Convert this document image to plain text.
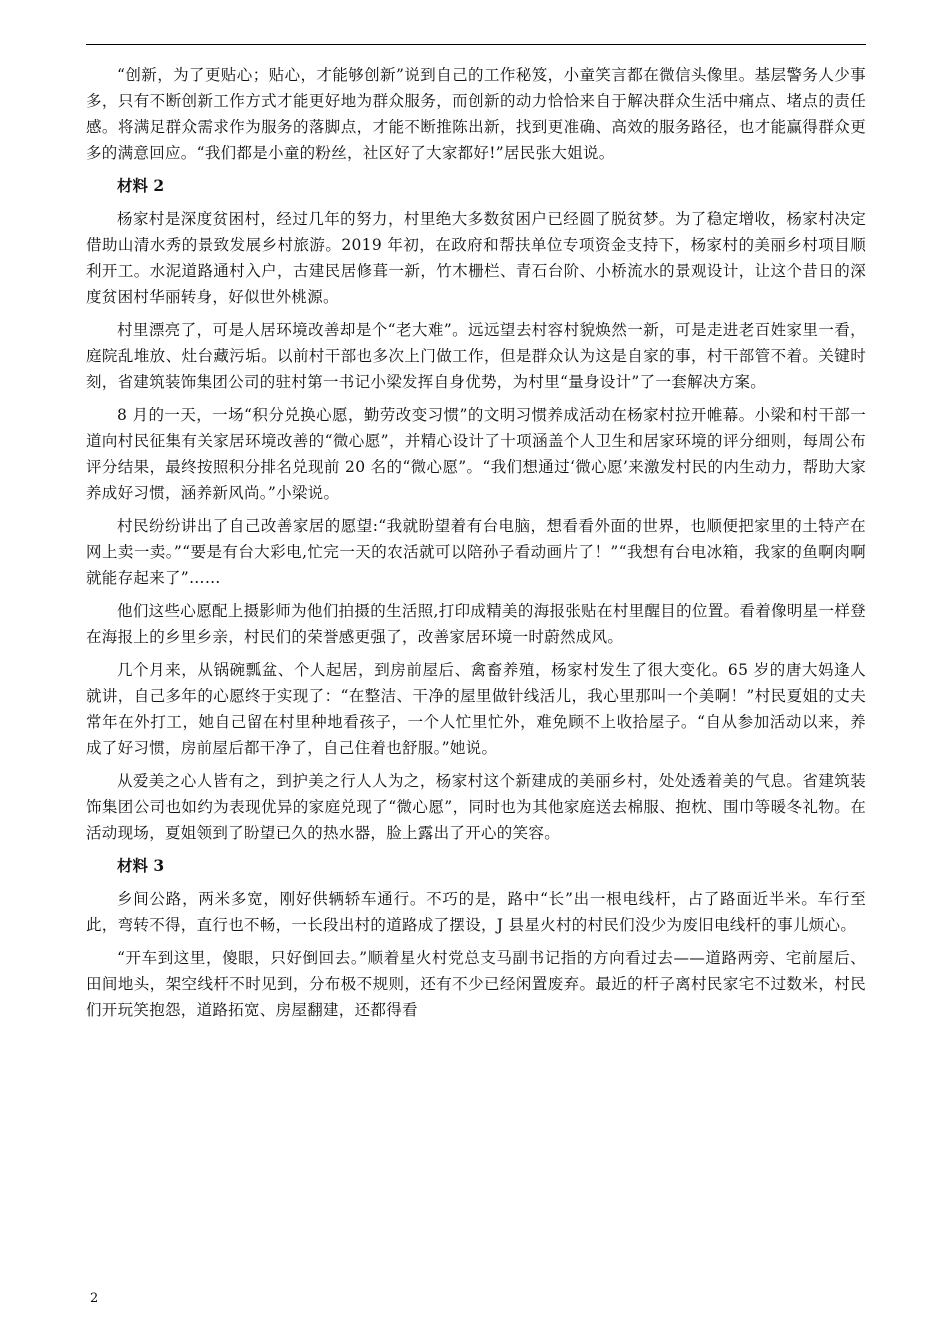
“创新，为了更贴心；贴心，才能够创新”说到自己的工作秘笈，小童笑言都在微信头像里。基层警务人少事多，只有不断创新工作方式才能更好地为群众服务，而创新的动力恰恰来自于解决群众生活中痛点、堵点的责任感。将满足群众需求作为服务的落脚点，才能不断推陈出新，找到更准确、高效的服务路径，也才能赢得群众更多的满意回应。“我们都是小童的粉丝，社区好了大家都好!”居民张大姐说。

材料 2

杨家村是深度贫困村，经过几年的努力，村里绝大多数贫困户已经圆了脱贫梦。为了稳定增收，杨家村决定借助山清水秀的景致发展乡村旅游。2019 年初，在政府和帮扶单位专项资金支持下，杨家村的美丽乡村项目顺利开工。水泥道路通村入户，古建民居修葺一新，竹木栅栏、青石台阶、小桥流水的景观设计，让这个昔日的深度贫困村华丽转身，好似世外桃源。

村里漂亮了，可是人居环境改善却是个“老大难”。远远望去村容村貌焕然一新，可是走进老百姓家里一看，庭院乱堆放、灶台藏污垢。以前村干部也多次上门做工作，但是群众认为这是自家的事，村干部管不着。关键时刻，省建筑装饰集团公司的驻村第一书记小梁发挥自身优势，为村里“量身设计”了一套解决方案。

8 月的一天，一场“积分兑换心愿，勤劳改变习惯”的文明习惯养成活动在杨家村拉开帷幕。小梁和村干部一道向村民征集有关家居环境改善的“微心愿”，并精心设计了十项涵盖个人卫生和居家环境的评分细则，每周公布评分结果，最终按照积分排名兑现前 20 名的“微心愿”。“我们想通过‘微心愿’来激发村民的内生动力，帮助大家养成好习惯，涵养新风尚。”小梁说。

村民纷纷讲出了自己改善家居的愿望:“我就盼望着有台电脑，想看看外面的世界，也顺便把家里的土特产在网上卖一卖。”“要是有台大彩电,忙完一天的农活就可以陪孙子看动画片了！”“我想有台电冰箱，我家的鱼啊肉啊就能存起来了”……

他们这些心愿配上摄影师为他们拍摄的生活照,打印成精美的海报张贴在村里醒目的位置。看着像明星一样登在海报上的乡里乡亲，村民们的荣誉感更强了，改善家居环境一时蔚然成风。

几个月来，从锅碗瓢盆、个人起居，到房前屋后、禽畜养殖，杨家村发生了很大变化。65 岁的唐大妈逢人就讲，自己多年的心愿终于实现了：“在整洁、干净的屋里做针线活儿，我心里那叫一个美啊！”村民夏姐的丈夫常年在外打工，她自己留在村里种地看孩子，一个人忙里忙外，难免顾不上收拾屋子。“自从参加活动以来，养成了好习惯，房前屋后都干净了，自己住着也舒服。”她说。

从爱美之心人皆有之，到护美之行人人为之，杨家村这个新建成的美丽乡村，处处透着美的气息。省建筑装饰集团公司也如约为表现优异的家庭兑现了“微心愿”，同时也为其他家庭送去棉服、抱枕、围巾等暖冬礼物。在活动现场，夏姐领到了盼望已久的热水器，脸上露出了开心的笑容。

材料 3

乡间公路，两米多宽，刚好供辆轿车通行。不巧的是，路中“长”出一根电线杆，占了路面近半米。车行至此，弯转不得，直行也不畅，一长段出村的道路成了摆设，J 县星火村的村民们没少为废旧电线杆的事儿烦心。

“开车到这里，傻眼，只好倒回去。”顺着星火村党总支马副书记指的方向看过去——道路两旁、宅前屋后、田间地头，架空线杆不时见到，分布极不规则，还有不少已经闲置废弃。最近的杆子离村民家宅不过数米，村民们开玩笑抱怨，道路拓宽、房屋翻建，还都得看

2
